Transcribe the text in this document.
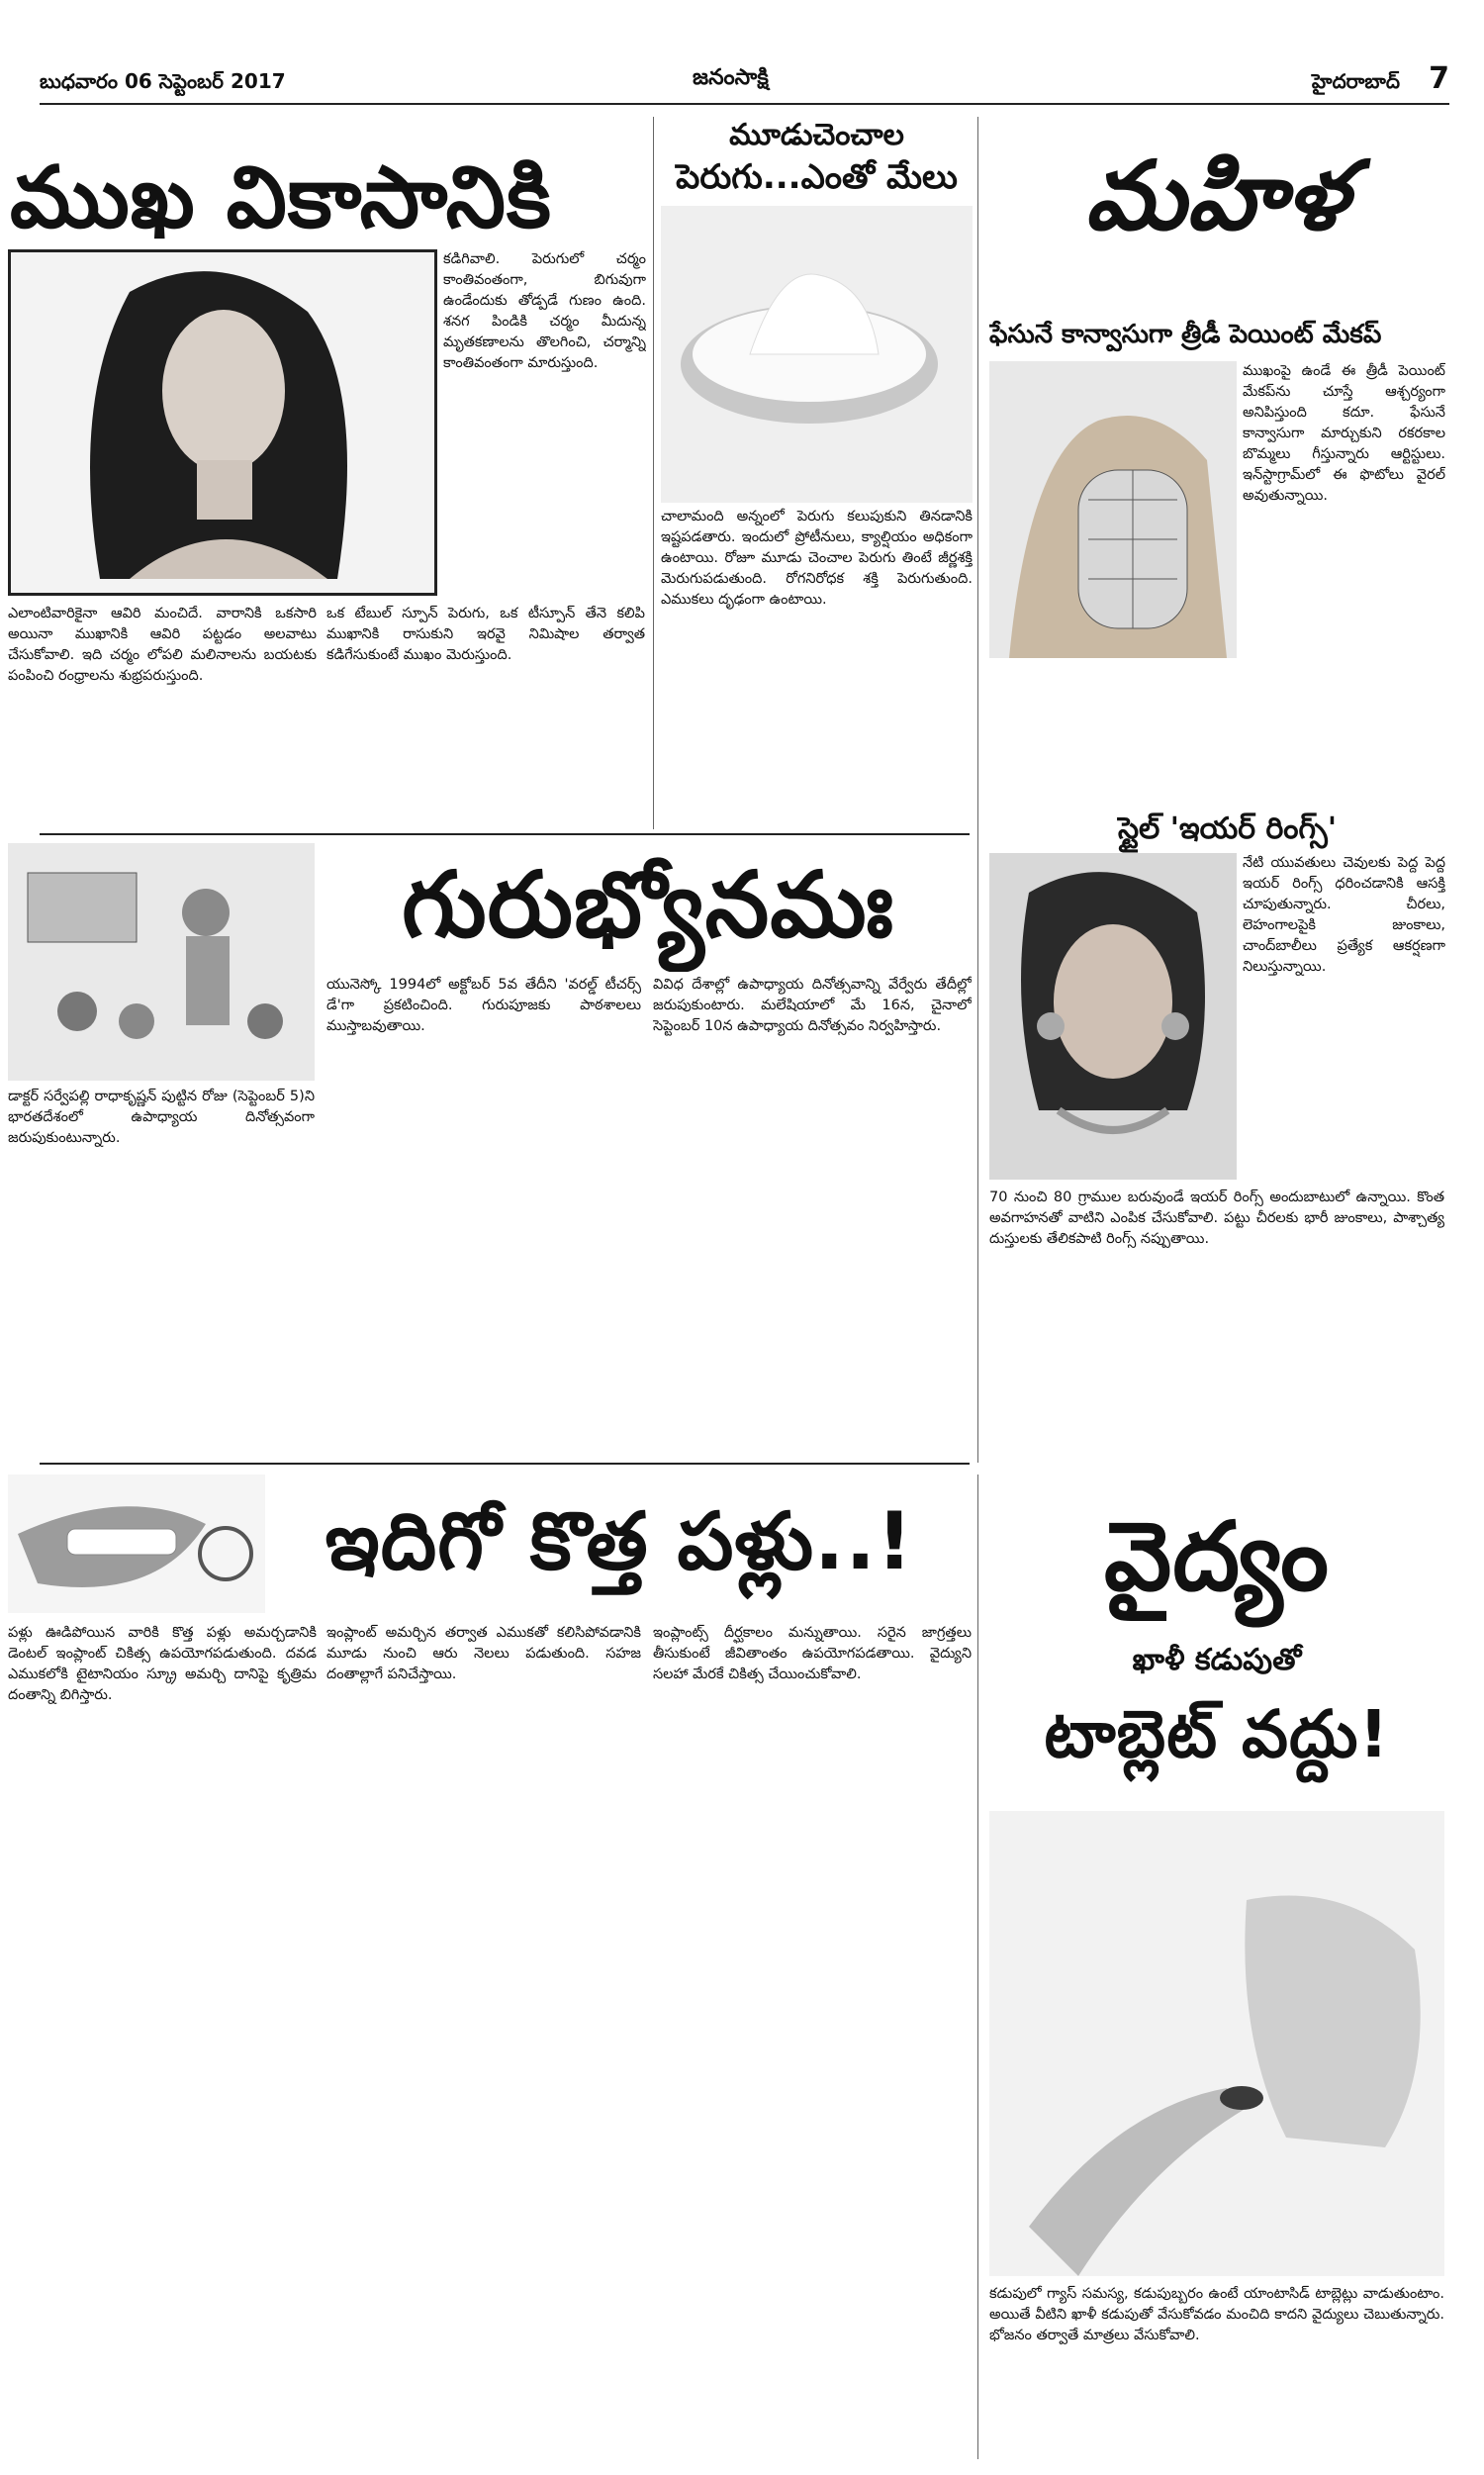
బుధవారం 06 సెప్టెంబర్ 2017	జనంసాక్షి	హైదరాబాద్ 7
ముఖ వికాసానికి
కడిగివాలి. పెరుగులో చర్మం కాంతివంతంగా, బిగువుగా ఉండేందుకు తోడ్పడే గుణం ఉంది. శనగ పిండికి చర్మం మీదున్న మృతకణాలను తొలగించి, చర్మాన్ని కాంతివంతంగా మారుస్తుంది.
ఎలాంటివారికైనా ఆవిరి మంచిదే. వారానికి ఒకసారి అయినా ముఖానికి ఆవిరి పట్టడం అలవాటు చేసుకోవాలి. ఇది చర్మం లోపలి మలినాలను బయటకు పంపించి రంధ్రాలను శుభ్రపరుస్తుంది.
ఒక టేబుల్ స్పూన్ పెరుగు, ఒక టీస్పూన్ తేనె కలిపి ముఖానికి రాసుకుని ఇరవై నిమిషాల తర్వాత కడిగేసుకుంటే ముఖం మెరుస్తుంది.
మూడుచెంచాల
పెరుగు...ఎంతో మేలు
చాలామంది అన్నంలో పెరుగు కలుపుకుని తినడానికి ఇష్టపడతారు. ఇందులో ప్రోటీనులు, క్యాల్షియం అధికంగా ఉంటాయి. రోజూ మూడు చెంచాల పెరుగు తింటే జీర్ణశక్తి మెరుగుపడుతుంది. రోగనిరోధక శక్తి పెరుగుతుంది. ఎముకలు దృఢంగా ఉంటాయి.
మహిళ
ఫేసునే కాన్వాసుగా త్రీడీ పెయింట్ మేకప్
ముఖంపై ఉండే ఈ త్రీడీ పెయింట్ మేకప్‌ను చూస్తే ఆశ్చర్యంగా అనిపిస్తుంది కదూ. ఫేసునే కాన్వాసుగా మార్చుకుని రకరకాల బొమ్మలు గీస్తున్నారు ఆర్టిస్టులు. ఇన్‌స్టాగ్రామ్‌లో ఈ ఫొటోలు వైరల్ అవుతున్నాయి.
స్టైల్ 'ఇయర్ రింగ్స్'
నేటి యువతులు చెవులకు పెద్ద పెద్ద ఇయర్ రింగ్స్ ధరించడానికి ఆసక్తి చూపుతున్నారు. చీరలు, లెహంగాలపైకి జుంకాలు, చాంద్‌బాలీలు ప్రత్యేక ఆకర్షణగా నిలుస్తున్నాయి.
70 నుంచి 80 గ్రాముల బరువుండే ఇయర్ రింగ్స్ అందుబాటులో ఉన్నాయి. కొంత అవగాహనతో వాటిని ఎంపిక చేసుకోవాలి. పట్టు చీరలకు భారీ జుంకాలు, పాశ్చాత్య దుస్తులకు తేలికపాటి రింగ్స్ నప్పుతాయి.
గురుభ్యోనమః
డాక్టర్ సర్వేపల్లి రాధాకృష్ణన్ పుట్టిన రోజు (సెప్టెంబర్ 5)ని భారతదేశంలో ఉపాధ్యాయ దినోత్సవంగా జరుపుకుంటున్నారు.
యునెస్కో 1994లో అక్టోబర్ 5వ తేదీని 'వరల్డ్ టీచర్స్ డే'గా ప్రకటించింది. గురుపూజకు పాఠశాలలు ముస్తాబవుతాయి.
వివిధ దేశాల్లో ఉపాధ్యాయ దినోత్సవాన్ని వేర్వేరు తేదీల్లో జరుపుకుంటారు. మలేషియాలో మే 16న, చైనాలో సెప్టెంబర్ 10న ఉపాధ్యాయ దినోత్సవం నిర్వహిస్తారు.
ఇదిగో కొత్త పళ్లు..!
పళ్లు ఊడిపోయిన వారికి కొత్త పళ్లు అమర్చడానికి డెంటల్ ఇంప్లాంట్ చికిత్స ఉపయోగపడుతుంది. దవడ ఎముకలోకి టైటానియం స్క్రూ అమర్చి దానిపై కృత్రిమ దంతాన్ని బిగిస్తారు.
ఇంప్లాంట్ అమర్చిన తర్వాత ఎముకతో కలిసిపోవడానికి మూడు నుంచి ఆరు నెలలు పడుతుంది. సహజ దంతాల్లాగే పనిచేస్తాయి.
ఇంప్లాంట్స్ దీర్ఘకాలం మన్నుతాయి. సరైన జాగ్రత్తలు తీసుకుంటే జీవితాంతం ఉపయోగపడతాయి. వైద్యుని సలహా మేరకే చికిత్స చేయించుకోవాలి.
వైద్యం
ఖాళీ కడుపుతో
టాబ్లెట్ వద్దు!
కడుపులో గ్యాస్ సమస్య, కడుపుబ్బరం ఉంటే యాంటాసిడ్ టాబ్లెట్లు వాడుతుంటాం. అయితే వీటిని ఖాళీ కడుపుతో వేసుకోవడం మంచిది కాదని వైద్యులు చెబుతున్నారు. భోజనం తర్వాతే మాత్రలు వేసుకోవాలి.
